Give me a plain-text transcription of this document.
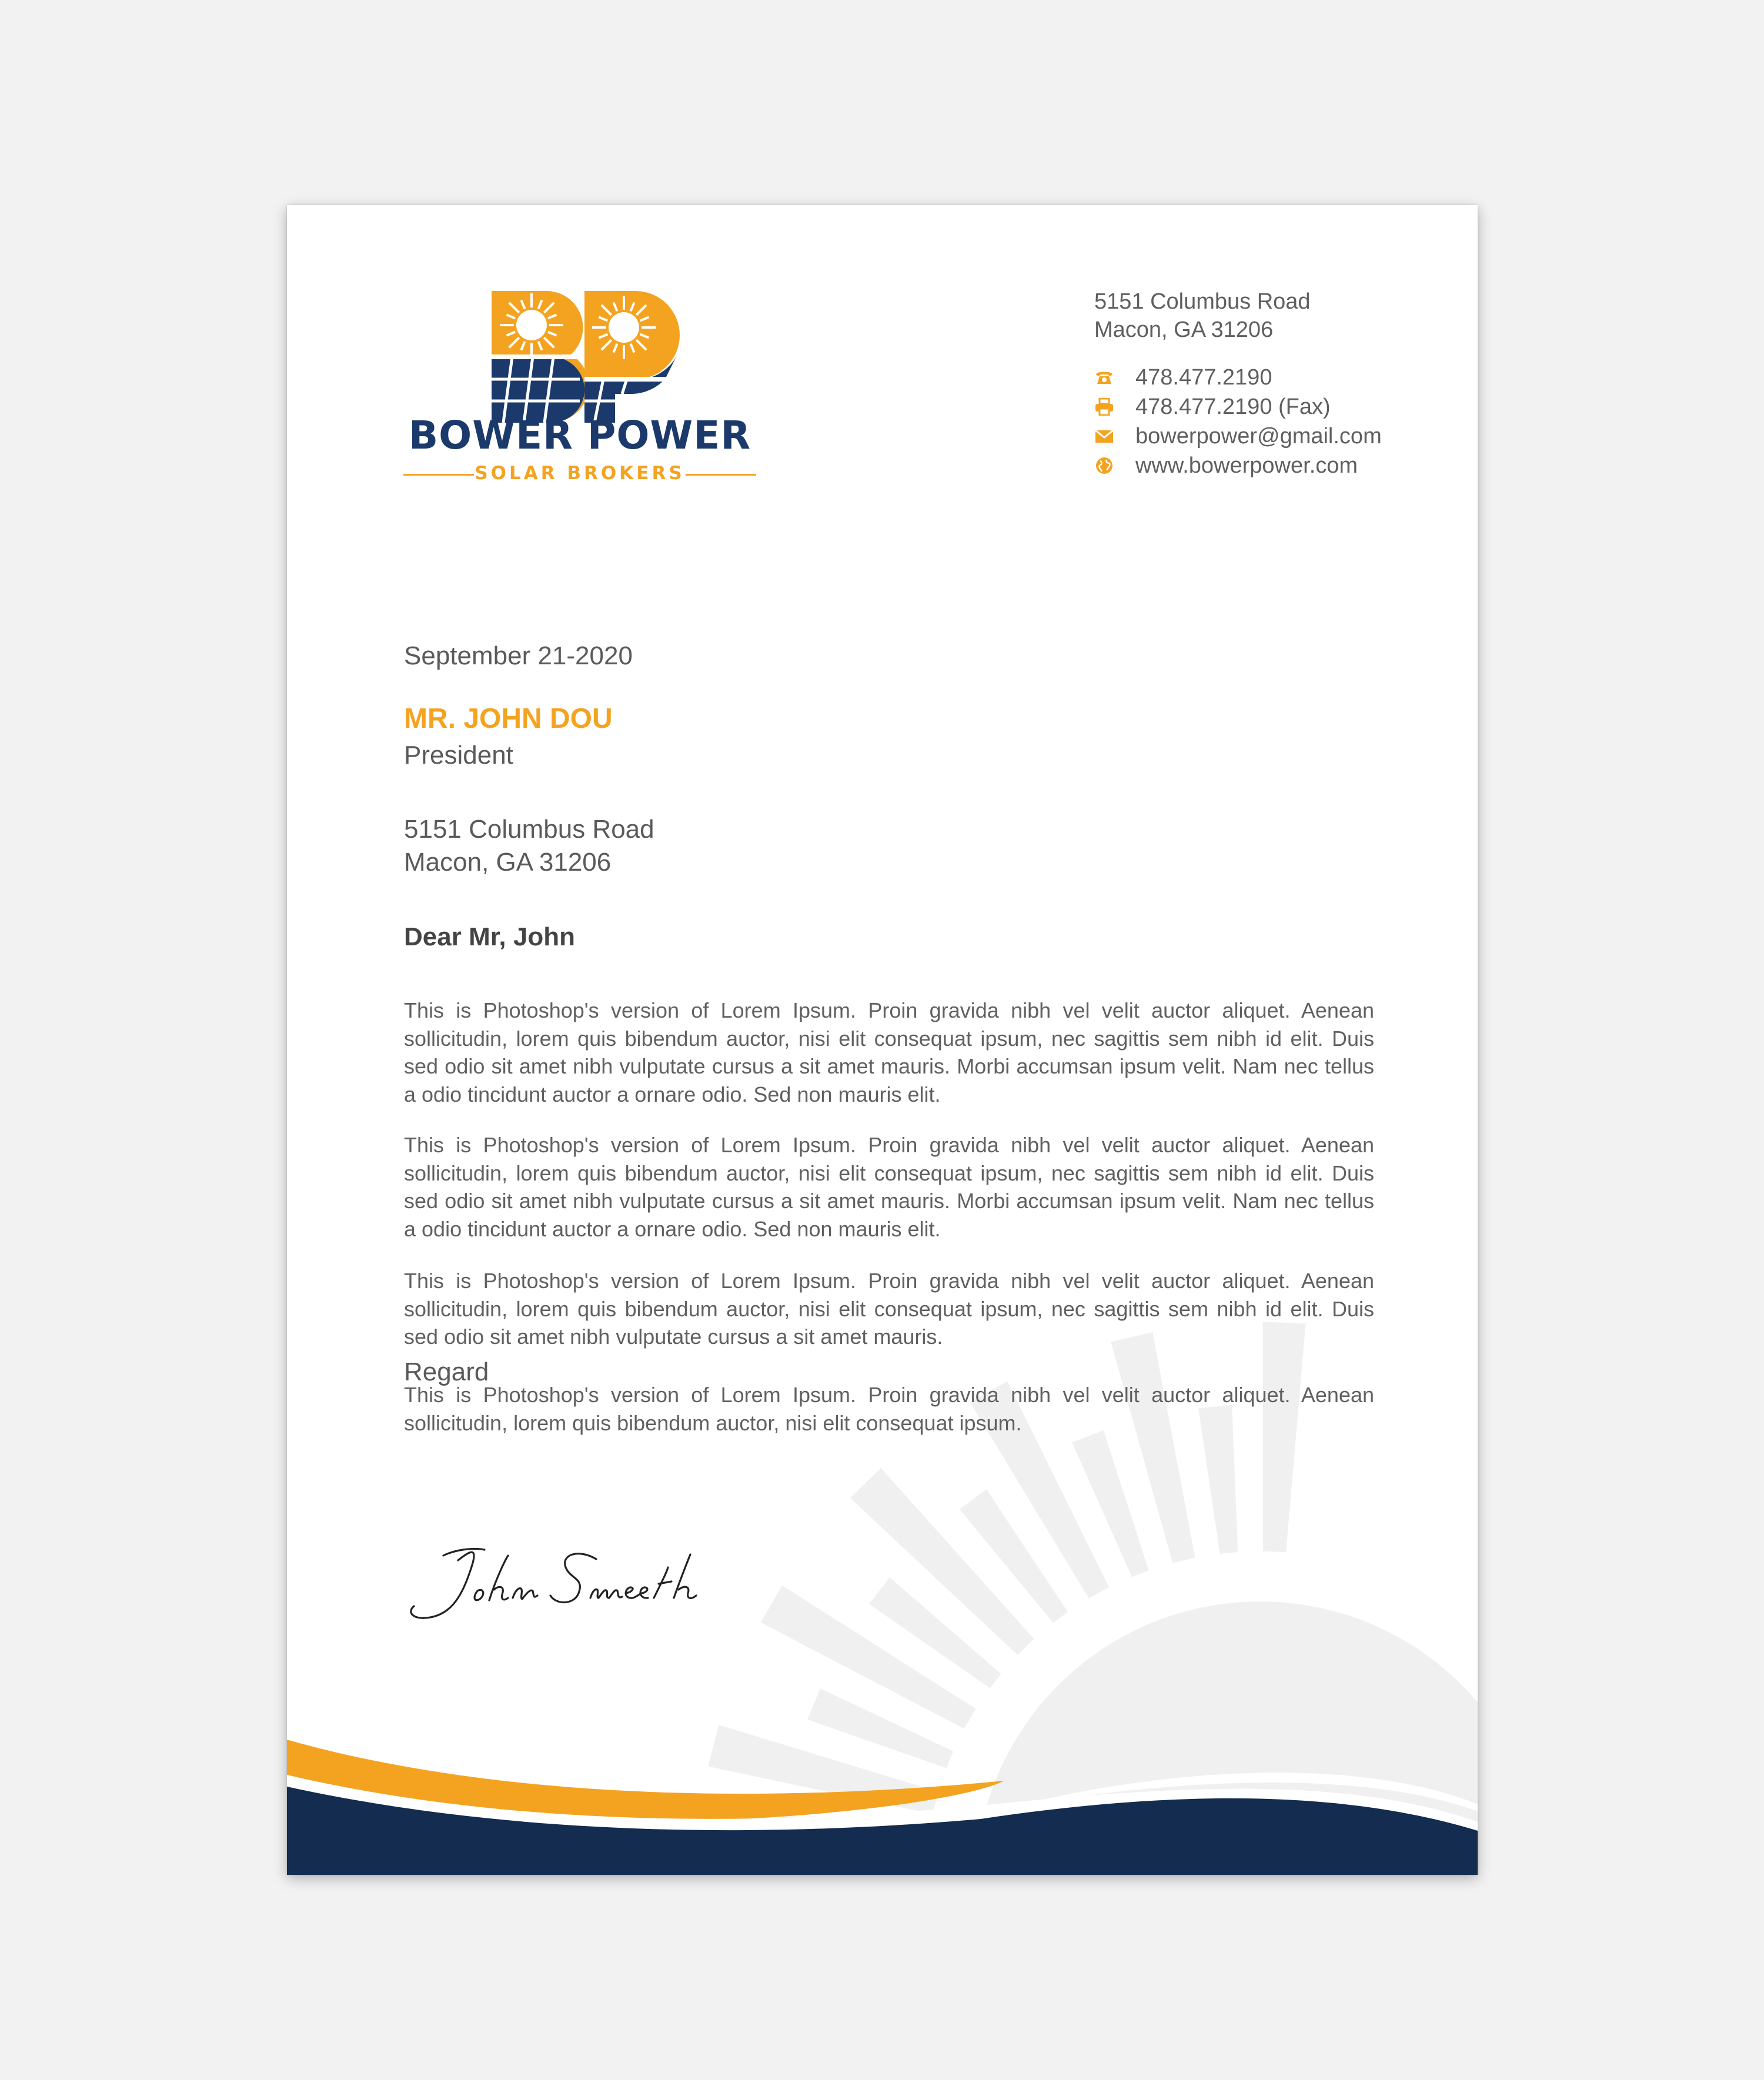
BOWER POWER
SOLAR BROKERS
5151 Columbus Road
Macon, GA 31206
478.477.2190
478.477.2190 (Fax)
bowerpower@gmail.com
www.bowerpower.com
September 21-2020
MR. JOHN DOU
President
5151 Columbus Road
Macon, GA 31206
Dear Mr, John
This is Photoshop's version of Lorem Ipsum. Proin gravida nibh vel velit auctor aliquet. Aenean sollicitudin, lorem quis bibendum auctor, nisi elit consequat ipsum, nec sagittis sem nibh id elit. Duis sed odio sit amet nibh vulputate cursus a sit amet mauris. Morbi accumsan ipsum velit. Nam nec tellus a odio tincidunt auctor a ornare odio. Sed non mauris elit.
This is Photoshop's version of Lorem Ipsum. Proin gravida nibh vel velit auctor aliquet. Aenean sollicitudin, lorem quis bibendum auctor, nisi elit consequat ipsum, nec sagittis sem nibh id elit. Duis sed odio sit amet nibh vulputate cursus a sit amet mauris. Morbi accumsan ipsum velit. Nam nec tellus a odio tincidunt auctor a ornare odio. Sed non mauris elit.
This is Photoshop's version of Lorem Ipsum. Proin gravida nibh vel velit auctor aliquet. Aenean sollicitudin, lorem quis bibendum auctor, nisi elit consequat ipsum, nec sagittis sem nibh id elit. Duis sed odio sit amet nibh vulputate cursus a sit amet mauris.
This is Photoshop's version of Lorem Ipsum. Proin gravida nibh vel velit auctor aliquet. Aenean sollicitudin, lorem quis bibendum auctor, nisi elit consequat ipsum.
Regard
